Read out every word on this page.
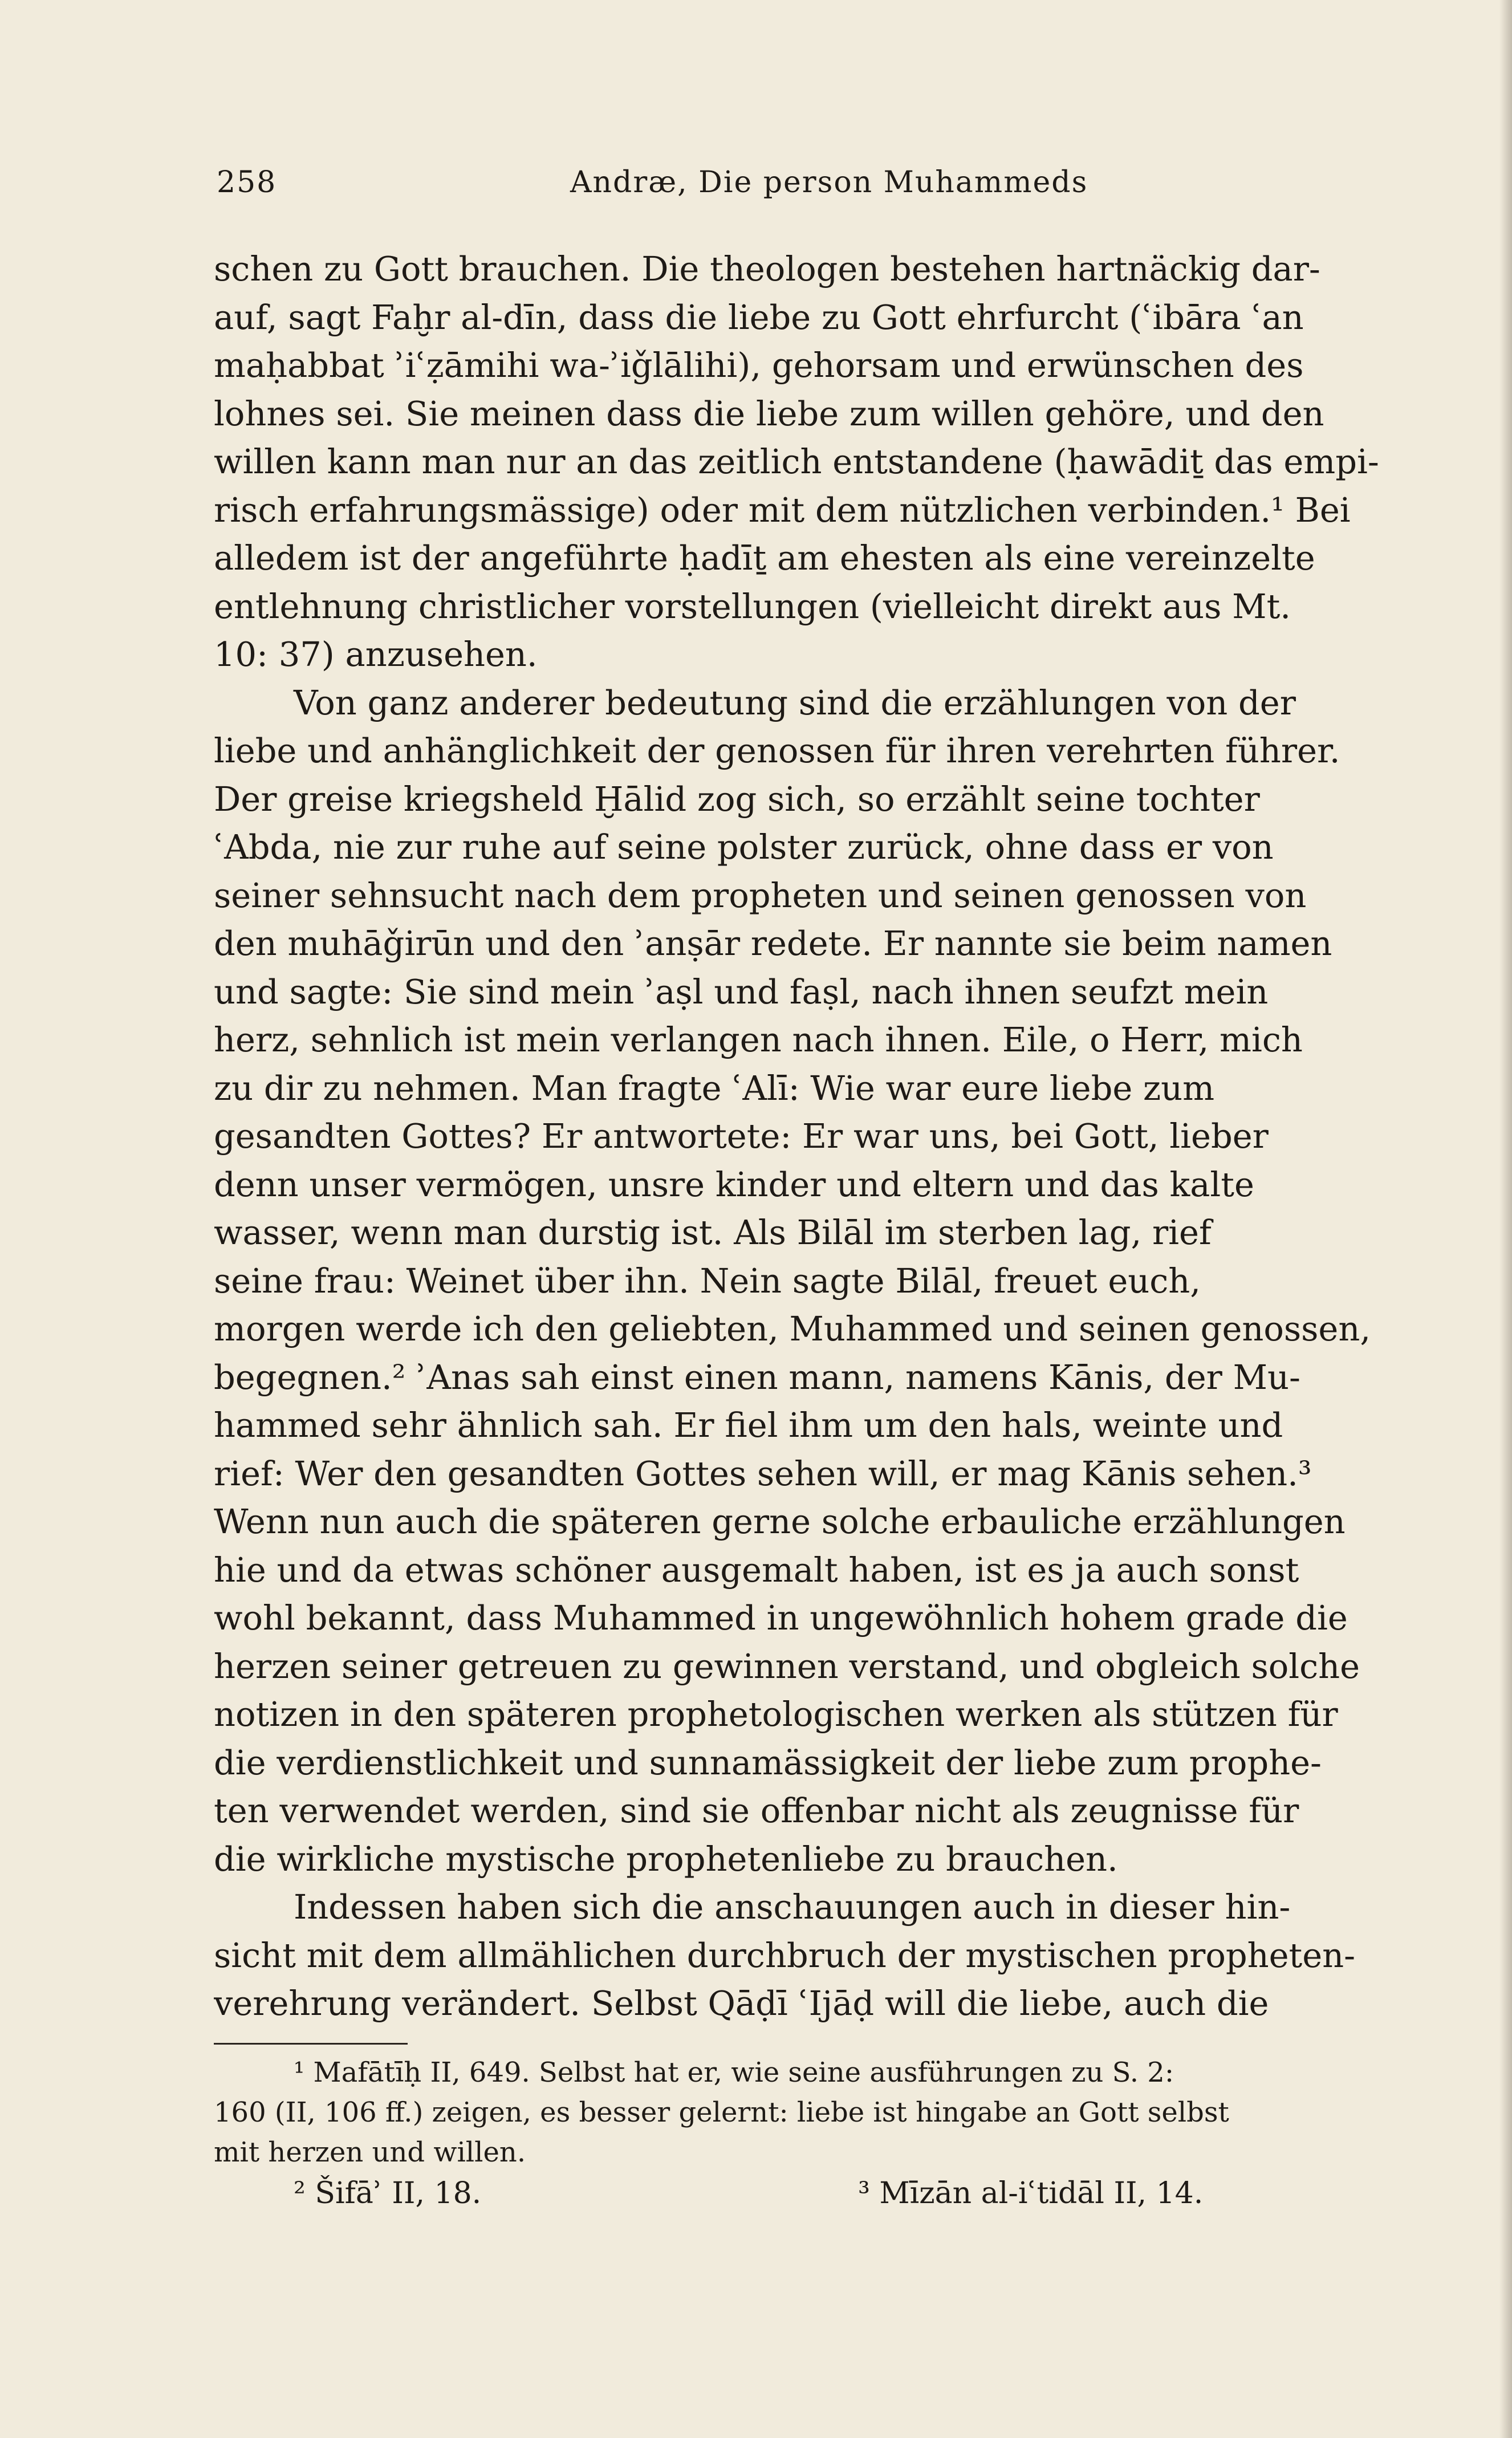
258	Andræ, Die person Muhammeds
schen zu Gott brauchen. Die theologen bestehen hartnäckig dar-
auf, sagt Faḫr al-dīn, dass die liebe zu Gott ehrfurcht (ʿibāra ʿan
maḥabbat ʾiʿẓāmihi wa-ʾiǧlālihi), gehorsam und erwünschen des
lohnes sei. Sie meinen dass die liebe zum willen gehöre, und den
willen kann man nur an das zeitlich entstandene (ḥawādiṯ das empi-
risch erfahrungsmässige) oder mit dem nützlichen verbinden.¹ Bei
alledem ist der angeführte ḥadīṯ am ehesten als eine vereinzelte
entlehnung christlicher vorstellungen (vielleicht direkt aus Mt.
10: 37) anzusehen.
Von ganz anderer bedeutung sind die erzählungen von der
liebe und anhänglichkeit der genossen für ihren verehrten führer.
Der greise kriegsheld Ḫālid zog sich, so erzählt seine tochter
ʿAbda, nie zur ruhe auf seine polster zurück, ohne dass er von
seiner sehnsucht nach dem propheten und seinen genossen von
den muhāǧirūn und den ʾanṣār redete. Er nannte sie beim namen
und sagte: Sie sind mein ʾaṣl und faṣl, nach ihnen seufzt mein
herz, sehnlich ist mein verlangen nach ihnen. Eile, o Herr, mich
zu dir zu nehmen. Man fragte ʿAlī: Wie war eure liebe zum
gesandten Gottes? Er antwortete: Er war uns, bei Gott, lieber
denn unser vermögen, unsre kinder und eltern und das kalte
wasser, wenn man durstig ist. Als Bilāl im sterben lag, rief
seine frau: Weinet über ihn. Nein sagte Bilāl, freuet euch,
morgen werde ich den geliebten, Muhammed und seinen genossen,
begegnen.² ʾAnas sah einst einen mann, namens Kānis, der Mu-
hammed sehr ähnlich sah. Er fiel ihm um den hals, weinte und
rief: Wer den gesandten Gottes sehen will, er mag Kānis sehen.³
Wenn nun auch die späteren gerne solche erbauliche erzählungen
hie und da etwas schöner ausgemalt haben, ist es ja auch sonst
wohl bekannt, dass Muhammed in ungewöhnlich hohem grade die
herzen seiner getreuen zu gewinnen verstand, und obgleich solche
notizen in den späteren prophetologischen werken als stützen für
die verdienstlichkeit und sunnamässigkeit der liebe zum prophe-
ten verwendet werden, sind sie offenbar nicht als zeugnisse für
die wirkliche mystische prophetenliebe zu brauchen.
Indessen haben sich die anschauungen auch in dieser hin-
sicht mit dem allmählichen durchbruch der mystischen propheten-
verehrung verändert. Selbst Qāḍī ʿIjāḍ will die liebe, auch die
¹ Mafātīḥ II, 649. Selbst hat er, wie seine ausführungen zu S. 2:
160 (II, 106 ff.) zeigen, es besser gelernt: liebe ist hingabe an Gott selbst
mit herzen und willen.
² Šifāʾ II, 18.	³ Mīzān al-iʿtidāl II, 14.
